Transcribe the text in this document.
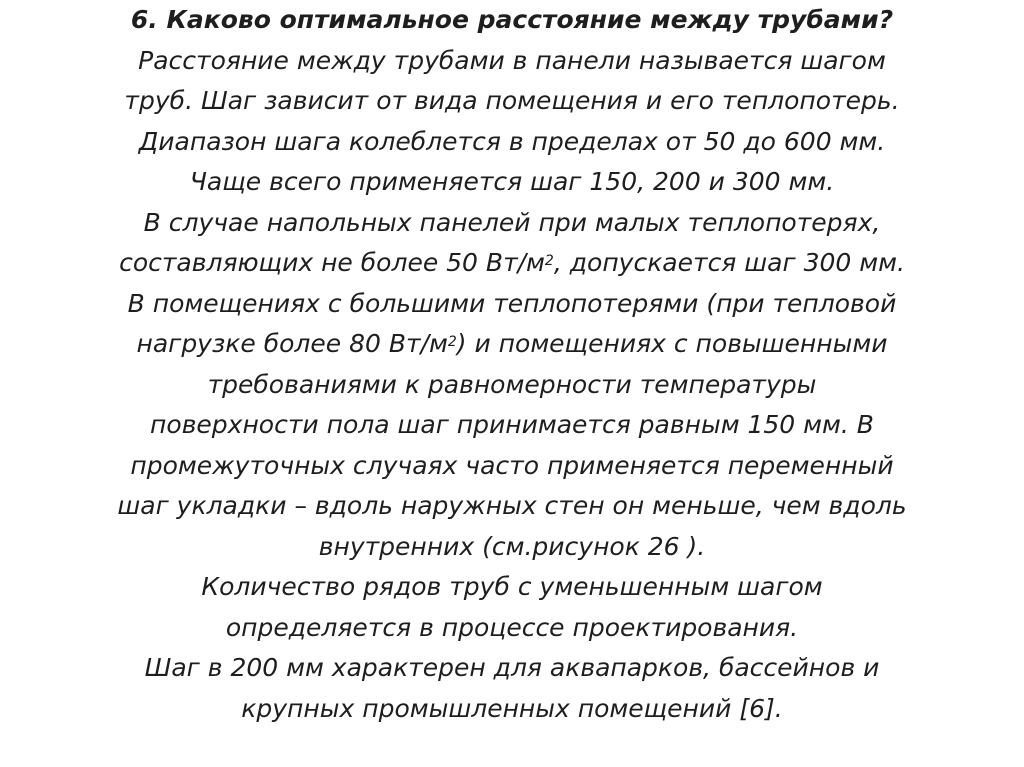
6. Каково оптимальное расстояние между трубами?
Расстояние между трубами в панели называется шагом
труб. Шаг зависит от вида помещения и его теплопотерь.
Диапазон шага колеблется в пределах от 50 до 600 мм.
Чаще всего применяется шаг 150, 200 и 300 мм.
В случае напольных панелей при малых теплопотерях,
составляющих не более 50 $Вт/м^2$, допускается шаг 300 мм.
В помещениях с большими теплопотерями (при тепловой
нагрузке более 80 $Вт/м^2$) и помещениях с повышенными
требованиями к равномерности температуры
поверхности пола шаг принимается равным 150 мм. В
промежуточных случаях часто применяется переменный
шаг укладки – вдоль наружных стен он меньше, чем вдоль
внутренних (см.рисунок 26 ).
Количество рядов труб с уменьшенным шагом
определяется в процессе проектирования.
Шаг в 200 мм характерен для аквапарков, бассейнов и
крупных промышленных помещений [6].
